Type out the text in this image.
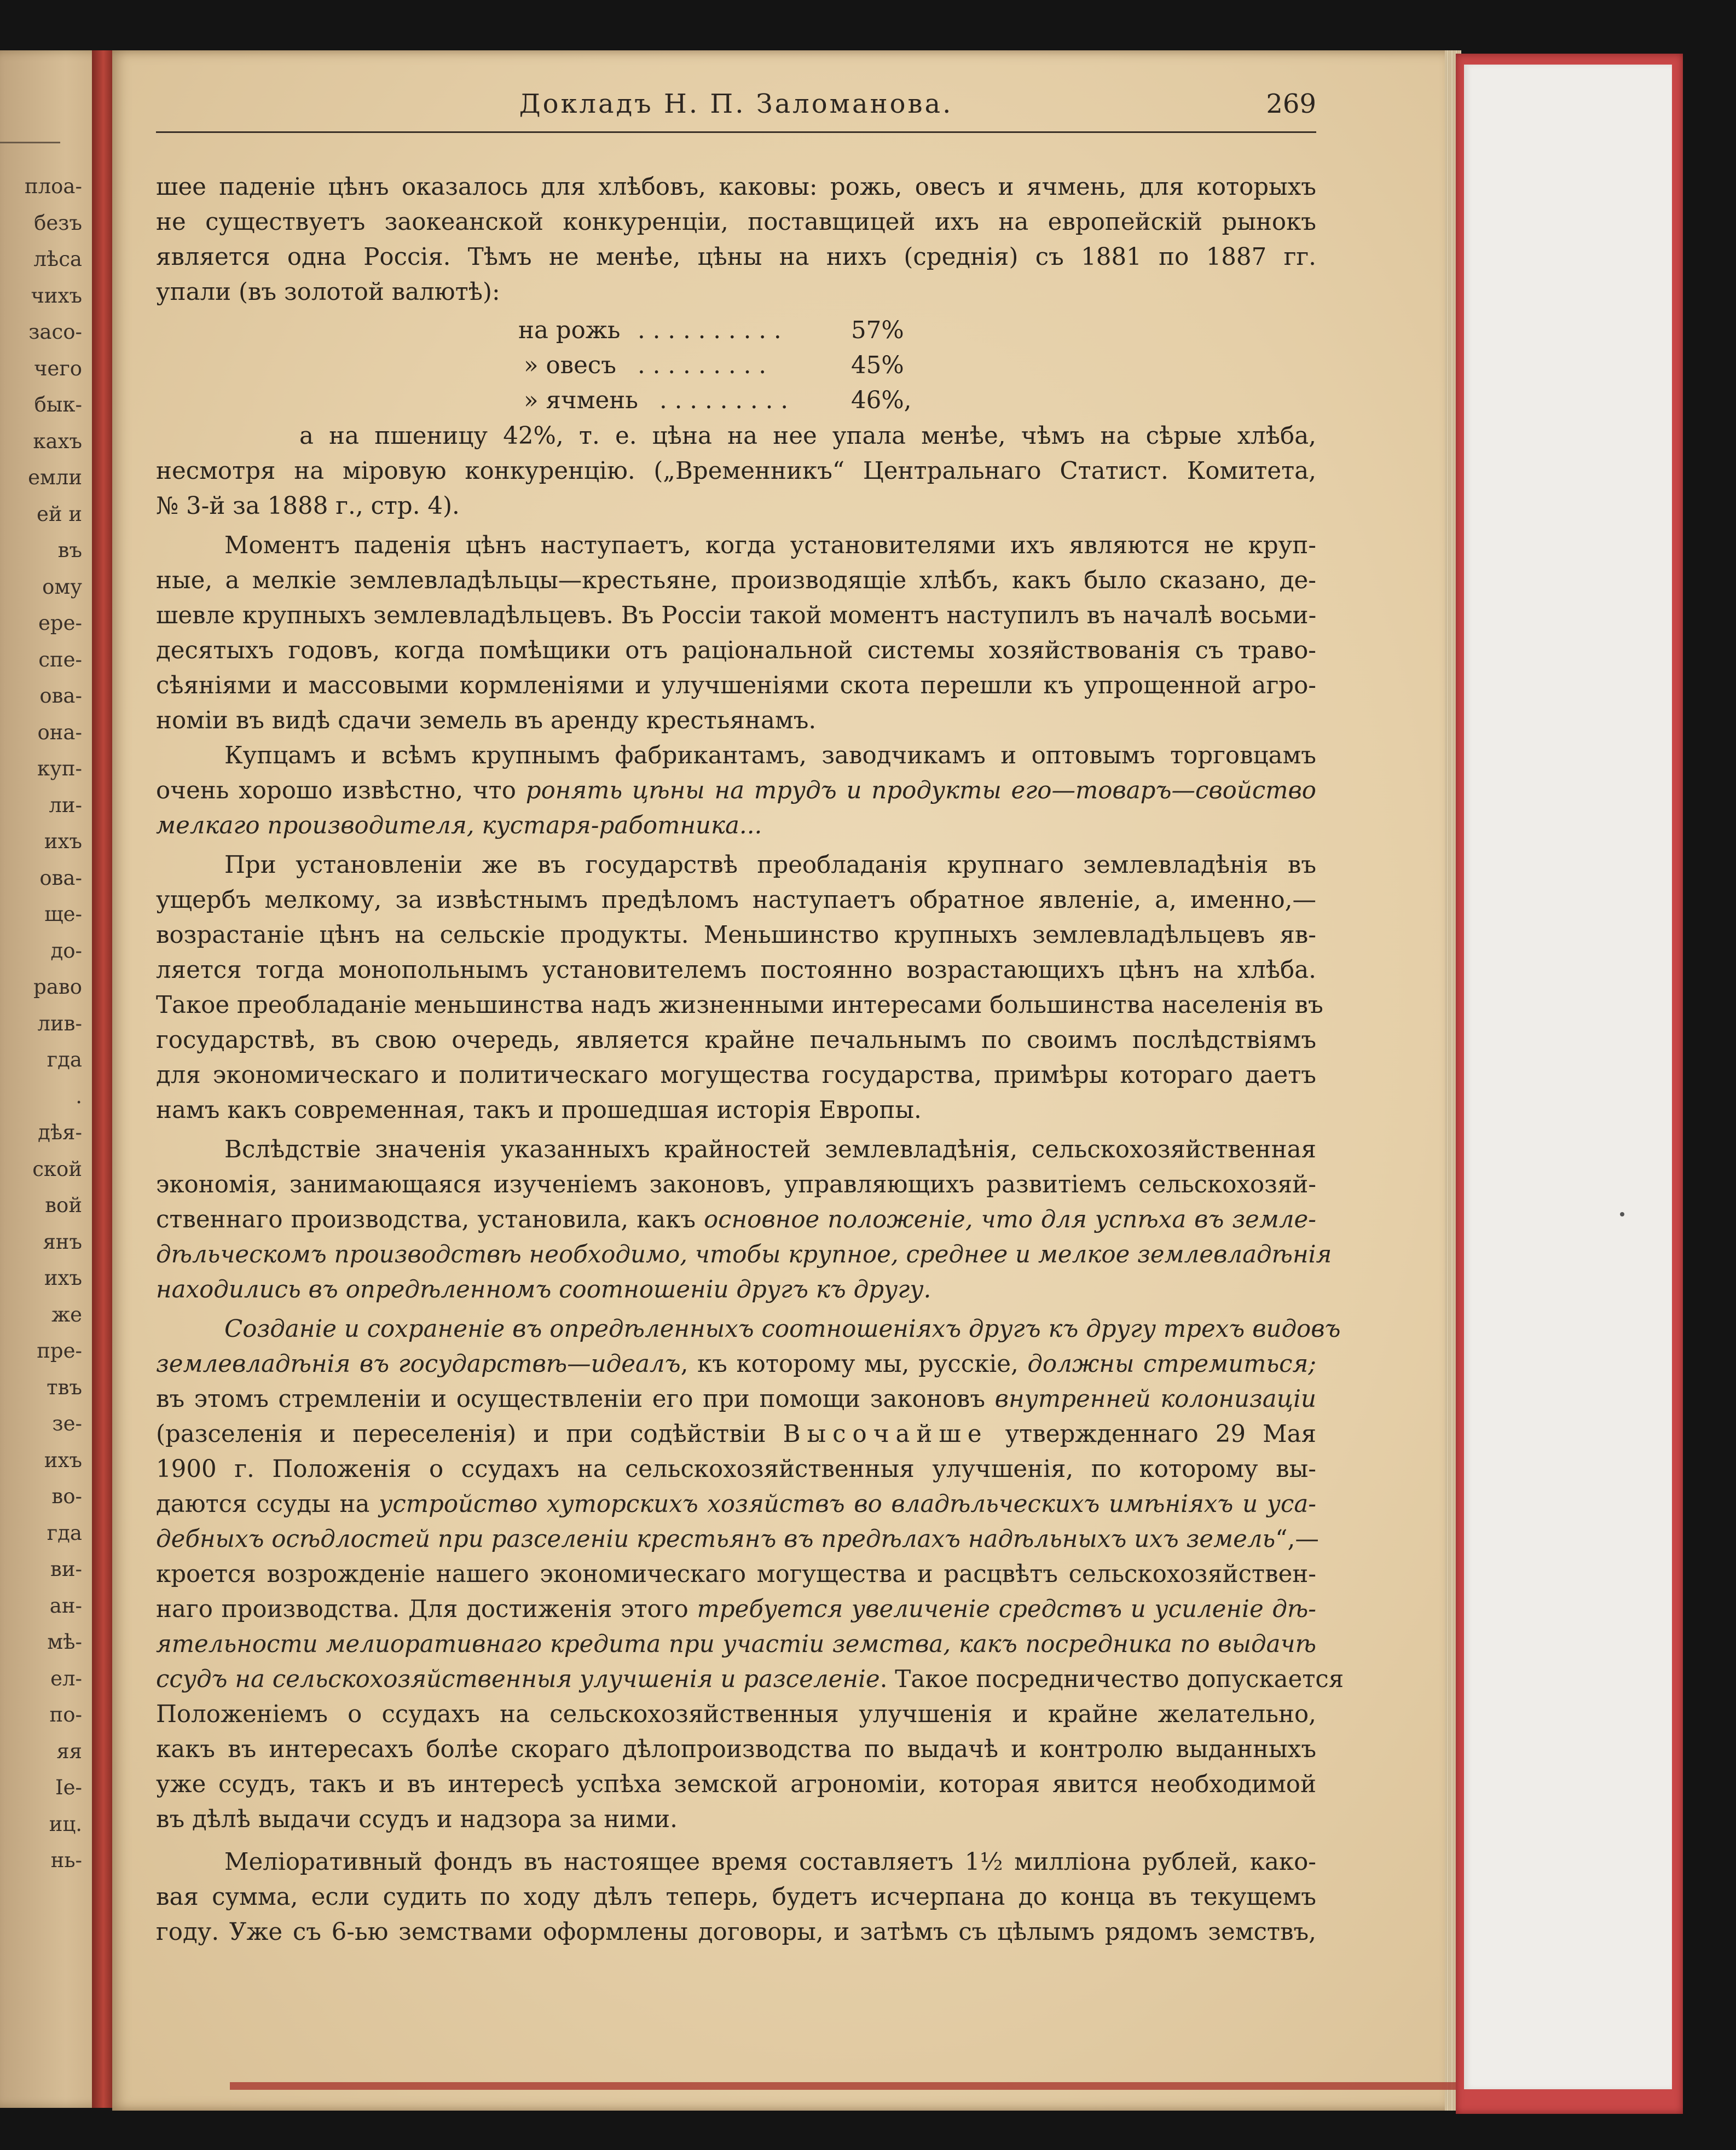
плоа-
безъ
лѣса
чихъ
засо-
чего
бык-
кахъ
емли
ей и
въ
ому
ере-
спе-
ова-
она-
куп-
ли-
ихъ
ова-
ще-
до-
раво
лив-
гда
.
дѣя-
ской
вой
янъ
ихъ
же
пре-
твъ
зе-
ихъ
во-
гда
ви-
ан-
мѣ-
ел-
по-
яя
Іе-
иц.
нь-
Докладъ Н. П. Заломанова.	269
шее паденіе цѣнъ оказалось для хлѣбовъ, каковы: рожь, овесъ и ячмень, для которыхъ
не существуетъ заокеанской конкуренціи, поставщицей ихъ на европейскій рынокъ
является одна Россія. Тѣмъ не менѣе, цѣны на нихъ (среднія) съ 1881 по 1887 гг.
упали (въ золотой валютѣ):
на рожь . . . . . . . . . .	57%
» овесъ . . . . . . . . .	45%
» ячмень . . . . . . . . .	46%,
а на пшеницу 42%, т. е. цѣна на нее упала менѣе, чѣмъ на сѣрые хлѣба,
несмотря на міровую конкуренцію. („Временникъ“ Центральнаго Статист. Комитета,
№ 3-й за 1888 г., стр. 4).
Моментъ паденія цѣнъ наступаетъ, когда установителями ихъ являются не круп-
ные, а мелкіе землевладѣльцы—крестьяне, производящіе хлѣбъ, какъ было сказано, де-
шевле крупныхъ землевладѣльцевъ. Въ Россіи такой моментъ наступилъ въ началѣ восьми-
десятыхъ годовъ, когда помѣщики отъ раціональной системы хозяйствованія съ траво-
сѣяніями и массовыми кормленіями и улучшеніями скота перешли къ упрощенной агро-
номіи въ видѣ сдачи земель въ аренду крестьянамъ.
Купцамъ и всѣмъ крупнымъ фабрикантамъ, заводчикамъ и оптовымъ торговцамъ
очень хорошо извѣстно, что ронять цѣны на трудъ и продукты его—товаръ—свойство
мелкаго производителя, кустаря-работника...
При установленіи же въ государствѣ преобладанія крупнаго землевладѣнія въ
ущербъ мелкому, за извѣстнымъ предѣломъ наступаетъ обратное явленіе, а, именно,—
возрастаніе цѣнъ на сельскіе продукты. Меньшинство крупныхъ землевладѣльцевъ яв-
ляется тогда монопольнымъ установителемъ постоянно возрастающихъ цѣнъ на хлѣба.
Такое преобладаніе меньшинства надъ жизненными интересами большинства населенія въ
государствѣ, въ свою очередь, является крайне печальнымъ по своимъ послѣдствіямъ
для экономическаго и политическаго могущества государства, примѣры котораго даетъ
намъ какъ современная, такъ и прошедшая исторія Европы.
Вслѣдствіе значенія указанныхъ крайностей землевладѣнія, сельскохозяйственная
экономія, занимающаяся изученіемъ законовъ, управляющихъ развитіемъ сельскохозяй-
ственнаго производства, установила, какъ основное положеніе, что для успѣха въ земле-
дѣльческомъ производствѣ необходимо, чтобы крупное, среднее и мелкое землевладѣнія
находились въ опредѣленномъ соотношеніи другъ къ другу.
Созданіе и сохраненіе въ опредѣленныхъ соотношеніяхъ другъ къ другу трехъ видовъ
землевладѣнія въ государствѣ—идеалъ, къ которому мы, русскіе, должны стремиться;
въ этомъ стремленіи и осуществленіи его при помощи законовъ внутренней колонизаціи
(разселенія и переселенія) и при содѣйствіи Высочайше утвержденнаго 29 Мая
1900 г. Положенія о ссудахъ на сельскохозяйственныя улучшенія, по которому вы-
даются ссуды на устройство хуторскихъ хозяйствъ во владѣльческихъ имѣніяхъ и уса-
дебныхъ осѣдлостей при разселеніи крестьянъ въ предѣлахъ надѣльныхъ ихъ земель“,—
кроется возрожденіе нашего экономическаго могущества и расцвѣтъ сельскохозяйствен-
наго производства. Для достиженія этого требуется увеличеніе средствъ и усиленіе дѣ-
ятельности мелиоративнаго кредита при участіи земства, какъ посредника по выдачѣ
ссудъ на сельскохозяйственныя улучшенія и разселеніе. Такое посредничество допускается
Положеніемъ о ссудахъ на сельскохозяйственныя улучшенія и крайне желательно,
какъ въ интересахъ болѣе скораго дѣлопроизводства по выдачѣ и контролю выданныхъ
уже ссудъ, такъ и въ интересѣ успѣха земской агрономіи, которая явится необходимой
въ дѣлѣ выдачи ссудъ и надзора за ними.
Меліоративный фондъ въ настоящее время составляетъ 1½ милліона рублей, како-
вая сумма, если судить по ходу дѣлъ теперь, будетъ исчерпана до конца въ текущемъ
году. Уже съ 6-ью земствами оформлены договоры, и затѣмъ съ цѣлымъ рядомъ земствъ,
